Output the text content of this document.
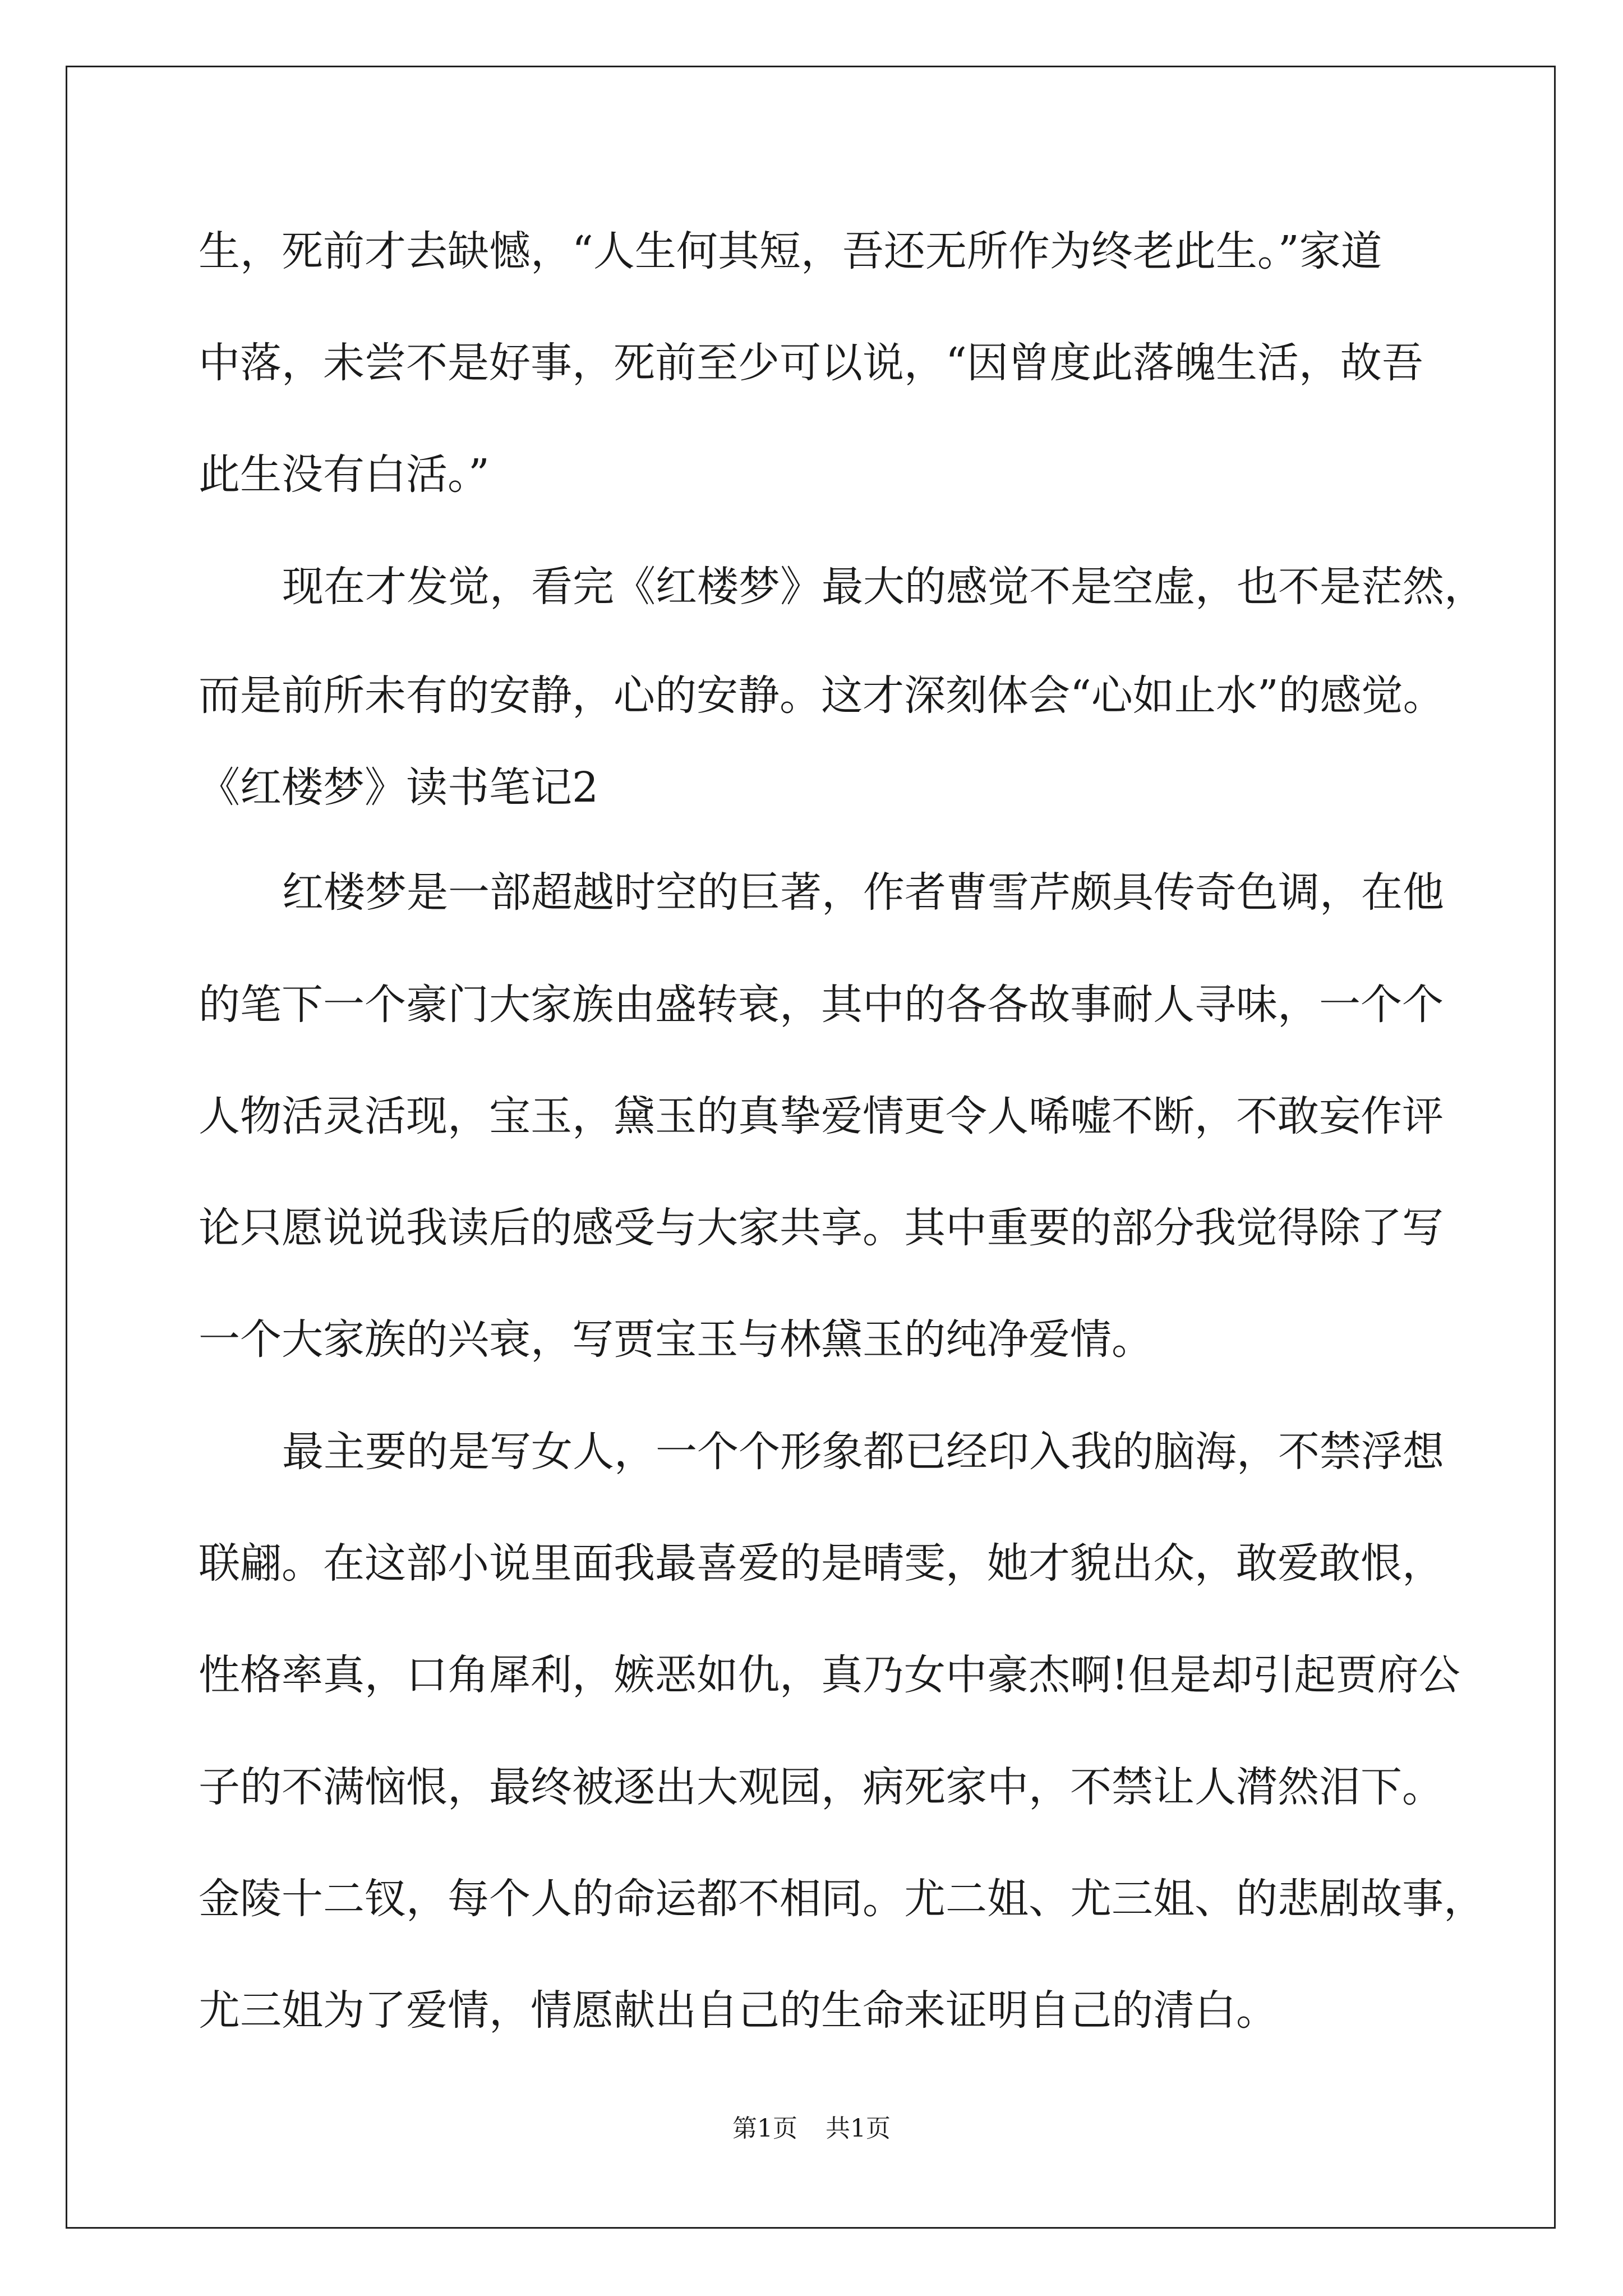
生，死前才去缺憾，“人生何其短，吾还无所作为终老此生。”家道
中落，未尝不是好事，死前至少可以说，“因曾度此落魄生活，故吾
此生没有白活。”
现在才发觉，看完《红楼梦》最大的感觉不是空虚，也不是茫然，
而是前所未有的安静，心的安静。这才深刻体会“心如止水”的感觉。
《红楼梦》读书笔记2
红楼梦是一部超越时空的巨著，作者曹雪芹颇具传奇色调，在他
的笔下一个豪门大家族由盛转衰，其中的各各故事耐人寻味，一个个
人物活灵活现，宝玉，黛玉的真挚爱情更令人唏嘘不断，不敢妄作评
论只愿说说我读后的感受与大家共享。其中重要的部分我觉得除了写
一个大家族的兴衰，写贾宝玉与林黛玉的纯净爱情。
最主要的是写女人，一个个形象都已经印入我的脑海，不禁浮想
联翩。在这部小说里面我最喜爱的是晴雯，她才貌出众，敢爱敢恨，
性格率真，口角犀利，嫉恶如仇，真乃女中豪杰啊!但是却引起贾府公
子的不满恼恨，最终被逐出大观园，病死家中，不禁让人潸然泪下。
金陵十二钗，每个人的命运都不相同。尤二姐、尤三姐、的悲剧故事，
尤三姐为了爱情，情愿献出自己的生命来证明自己的清白。
第1页 共1页
